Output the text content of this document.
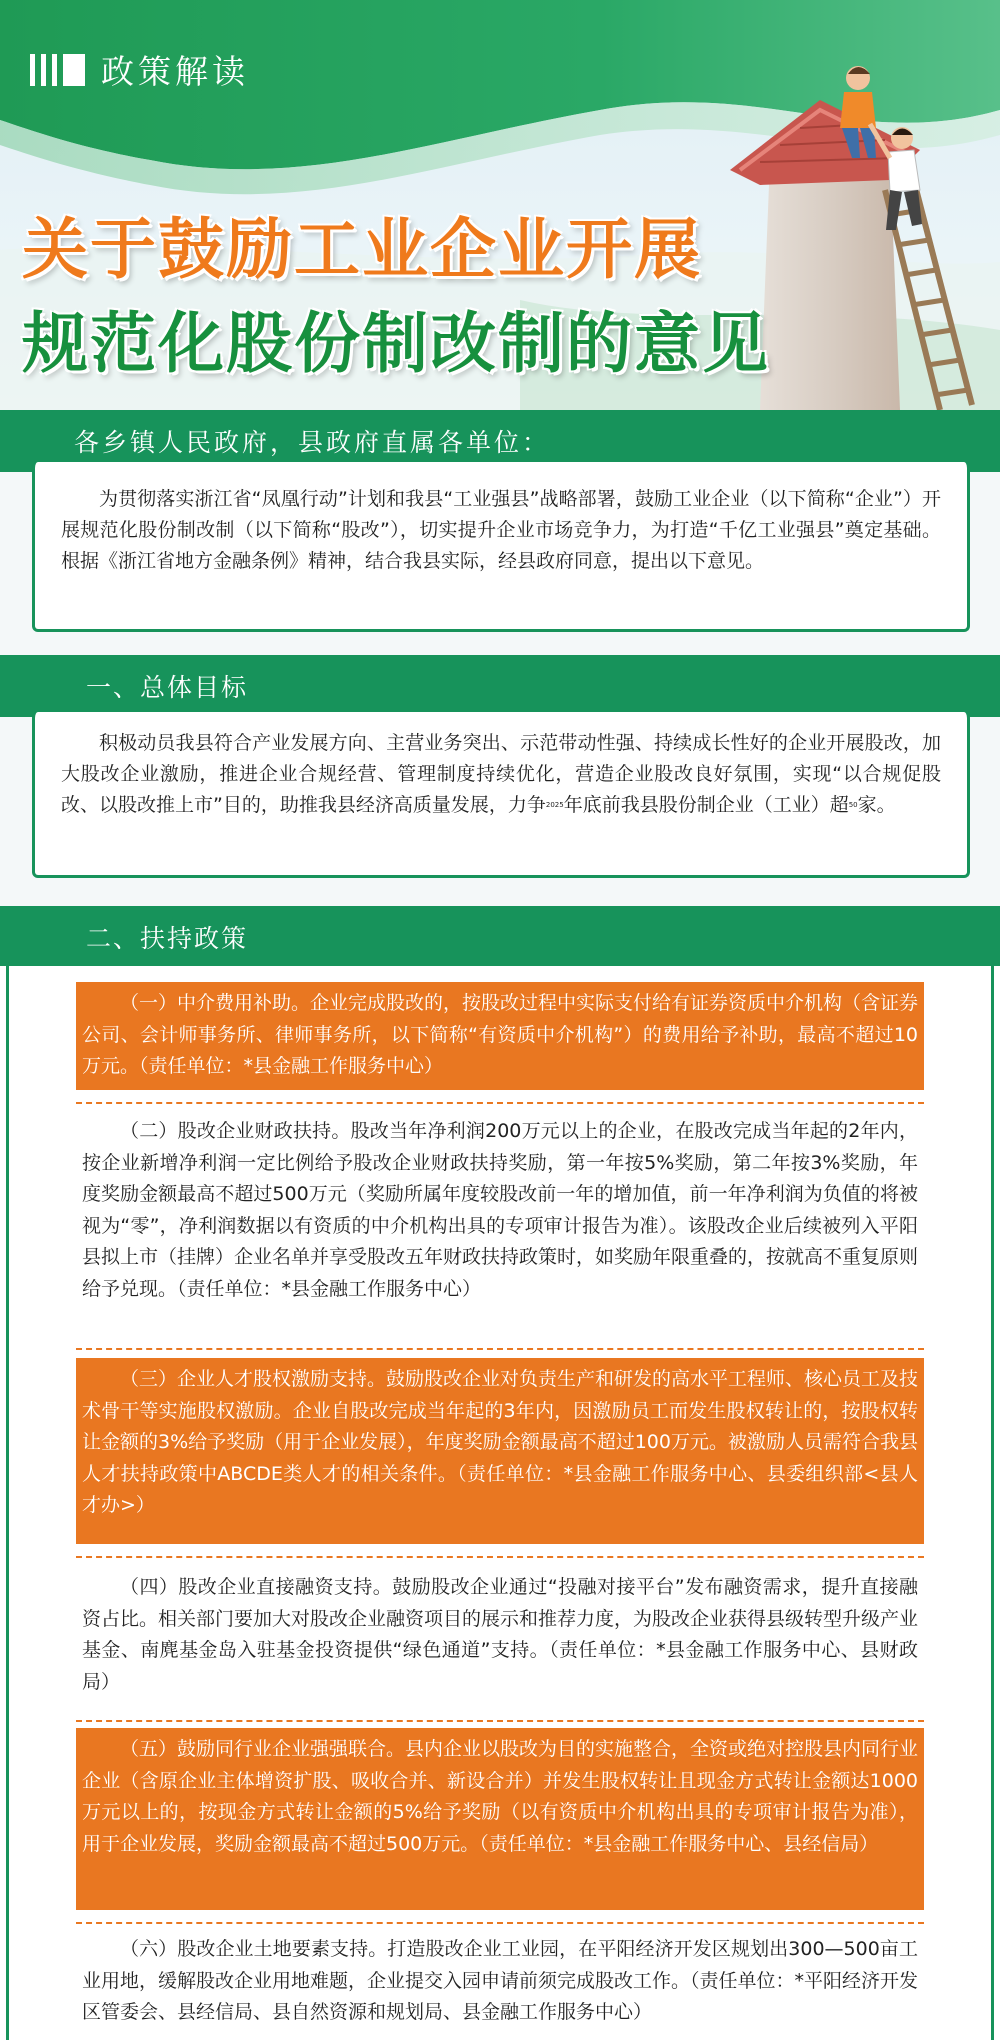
政策解读
关于鼓励工业企业开展
规范化股份制改制的意见
各乡镇人民政府，县政府直属各单位：

为贯彻落实浙江省“凤凰行动”计划和我县“工业强县”战略部署，鼓励工业企业（以下简称“企业”）开展规范化股份制改制（以下简称“股改”），切实提升企业市场竞争力，为打造“千亿工业强县”奠定基础。根据《浙江省地方金融条例》精神，结合我县实际，经县政府同意，提出以下意见。

一、总体目标

积极动员我县符合产业发展方向、主营业务突出、示范带动性强、持续成长性好的企业开展股改，加大股改企业激励，推进企业合规经营、管理制度持续优化，营造企业股改良好氛围，实现“以合规促股改、以股改推上市”目的，助推我县经济高质量发展，力争2025年底前我县股份制企业（工业）超50家。

二、扶持政策

（一）中介费用补助。企业完成股改的，按股改过程中实际支付给有证券资质中介机构（含证券公司、会计师事务所、律师事务所，以下简称“有资质中介机构”）的费用给予补助，最高不超过10万元。（责任单位：*县金融工作服务中心）

（二）股改企业财政扶持。股改当年净利润200万元以上的企业，在股改完成当年起的2年内，按企业新增净利润一定比例给予股改企业财政扶持奖励，第一年按5%奖励，第二年按3%奖励，年度奖励金额最高不超过500万元（奖励所属年度较股改前一年的增加值，前一年净利润为负值的将被视为“零”，净利润数据以有资质的中介机构出具的专项审计报告为准）。该股改企业后续被列入平阳县拟上市（挂牌）企业名单并享受股改五年财政扶持政策时，如奖励年限重叠的，按就高不重复原则给予兑现。（责任单位：*县金融工作服务中心）

（三）企业人才股权激励支持。鼓励股改企业对负责生产和研发的高水平工程师、核心员工及技术骨干等实施股权激励。企业自股改完成当年起的3年内，因激励员工而发生股权转让的，按股权转让金额的3%给予奖励（用于企业发展），年度奖励金额最高不超过100万元。被激励人员需符合我县人才扶持政策中ABCDE类人才的相关条件。（责任单位：*县金融工作服务中心、县委组织部<县人才办>）

（四）股改企业直接融资支持。鼓励股改企业通过“投融对接平台”发布融资需求，提升直接融资占比。相关部门要加大对股改企业融资项目的展示和推荐力度，为股改企业获得县级转型升级产业基金、南麂基金岛入驻基金投资提供“绿色通道”支持。（责任单位：*县金融工作服务中心、县财政局）

（五）鼓励同行业企业强强联合。县内企业以股改为目的实施整合，全资或绝对控股县内同行业企业（含原企业主体增资扩股、吸收合并、新设合并）并发生股权转让且现金方式转让金额达1000万元以上的，按现金方式转让金额的5%给予奖励（以有资质中介机构出具的专项审计报告为准），用于企业发展，奖励金额最高不超过500万元。（责任单位：*县金融工作服务中心、县经信局）

（六）股改企业土地要素支持。打造股改企业工业园，在平阳经济开发区规划出300—500亩工业用地，缓解股改企业用地难题，企业提交入园申请前须完成股改工作。（责任单位：*平阳经济开发区管委会、县经信局、县自然资源和规划局、县金融工作服务中心）
